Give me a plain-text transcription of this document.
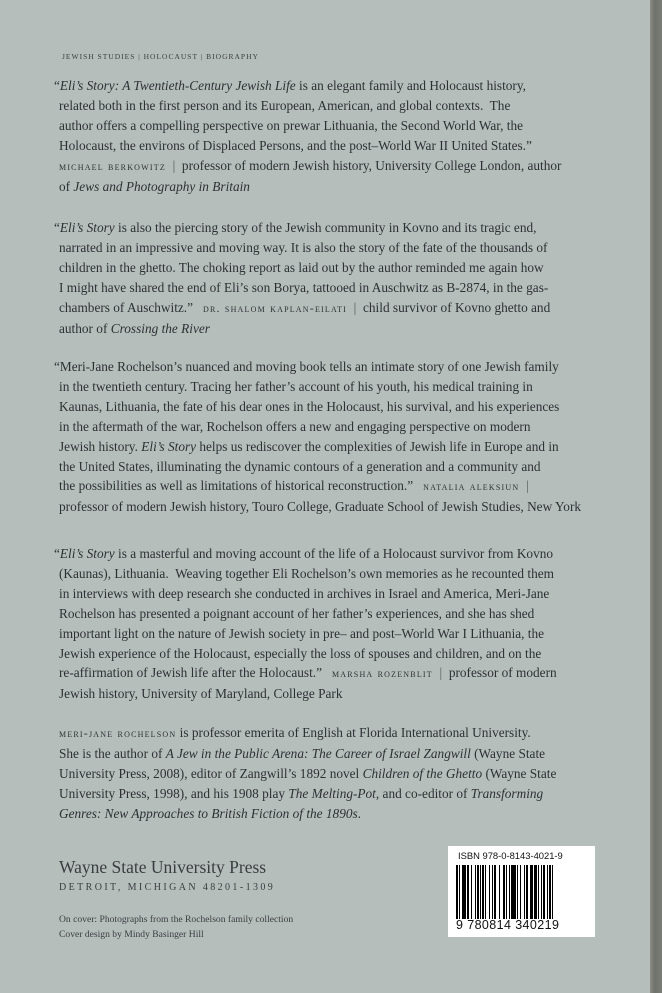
JEWISH STUDIES | HOLOCAUST | BIOGRAPHY
“Eli’s Story: A Twentieth-Century Jewish Life is an elegant family and Holocaust history,
related both in the first person and its European, American, and global contexts.  The
author offers a compelling perspective on prewar Lithuania, the Second World War, the
Holocaust, the environs of Displaced Persons, and the post–World War II United States.”
michael berkowitz  |  professor of modern Jewish history, University College London, author
of Jews and Photography in Britain
“Eli’s Story is also the piercing story of the Jewish community in Kovno and its tragic end,
narrated in an impressive and moving way. It is also the story of the fate of the thousands of
children in the ghetto. The choking report as laid out by the author reminded me again how
I might have shared the end of Eli’s son Borya, tattooed in Auschwitz as B-2874, in the gas-
chambers of Auschwitz.”   dr. shalom kaplan-eilati  |  child survivor of Kovno ghetto and
author of Crossing the River
“Meri-Jane Rochelson’s nuanced and moving book tells an intimate story of one Jewish family
in the twentieth century. Tracing her father’s account of his youth, his medical training in
Kaunas, Lithuania, the fate of his dear ones in the Holocaust, his survival, and his experiences
in the aftermath of the war, Rochelson offers a new and engaging perspective on modern
Jewish history. Eli’s Story helps us rediscover the complexities of Jewish life in Europe and in
the United States, illuminating the dynamic contours of a generation and a community and
the possibilities as well as limitations of historical reconstruction.”   natalia aleksiun  |
professor of modern Jewish history, Touro College, Graduate School of Jewish Studies, New York
“Eli’s Story is a masterful and moving account of the life of a Holocaust survivor from Kovno
(Kaunas), Lithuania.  Weaving together Eli Rochelson’s own memories as he recounted them
in interviews with deep research she conducted in archives in Israel and America, Meri-Jane
Rochelson has presented a poignant account of her father’s experiences, and she has shed
important light on the nature of Jewish society in pre– and post–World War I Lithuania, the
Jewish experience of the Holocaust, especially the loss of spouses and children, and on the
re-affirmation of Jewish life after the Holocaust.”   marsha rozenblit  |  professor of modern
Jewish history, University of Maryland, College Park
meri-jane rochelson is professor emerita of English at Florida International University.
She is the author of A Jew in the Public Arena: The Career of Israel Zangwill (Wayne State
University Press, 2008), editor of Zangwill’s 1892 novel Children of the Ghetto (Wayne State
University Press, 1998), and his 1908 play The Melting-Pot, and co-editor of Transforming
Genres: New Approaches to British Fiction of the 1890s.
Wayne State University Press
DETROIT, MICHIGAN 48201-1309
On cover: Photographs from the Rochelson family collection
Cover design by Mindy Basinger Hill
ISBN 978-0-8143-4021-9
9 780814 340219
